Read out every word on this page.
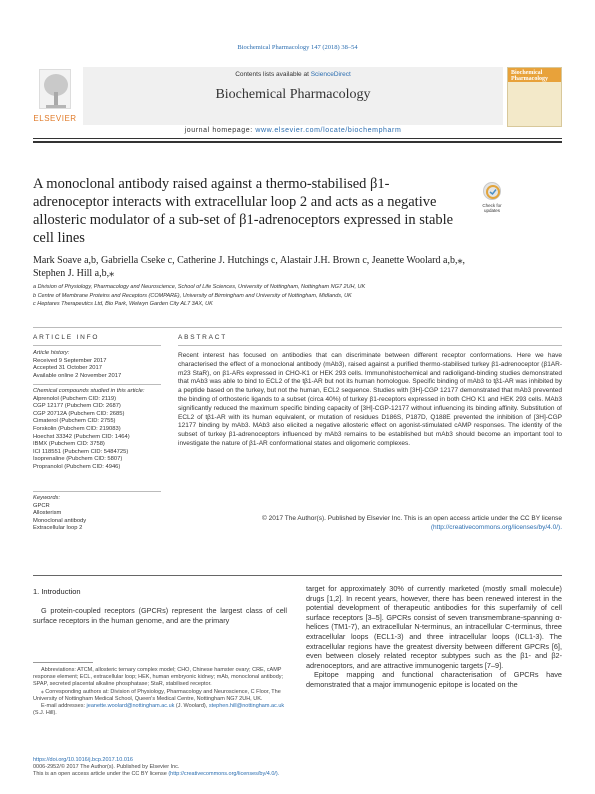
Biochemical Pharmacology 147 (2018) 38–54
ELSEVIER
Contents lists available at ScienceDirect
Biochemical Pharmacology
journal homepage: www.elsevier.com/locate/biochempharm
Biochemical Pharmacology
A monoclonal antibody raised against a thermo-stabilised β1-adrenoceptor interacts with extracellular loop 2 and acts as a negative allosteric modulator of a sub-set of β1-adrenoceptors expressed in stable cell lines
Check for updates
Mark Soave a,b, Gabriella Cseke c, Catherine J. Hutchings c, Alastair J.H. Brown c, Jeanette Woolard a,b,⁎,
Stephen J. Hill a,b,⁎
a Division of Physiology, Pharmacology and Neuroscience, School of Life Sciences, University of Nottingham, Nottingham NG7 2UH, UK
b Centre of Membrane Proteins and Receptors (COMPARE), University of Birmingham and University of Nottingham, Midlands, UK
c Heptares Therapeutics Ltd, Bio Park, Welwyn Garden City AL7 3AX, UK
ARTICLE INFO	ABSTRACT
Article history:
Received 9 September 2017
Accepted 31 October 2017
Available online 2 November 2017
Chemical compounds studied in this article:
Alprenolol (Pubchem CID: 2119)
CGP 12177 (Pubchem CID: 2687)
CGP 20712A (Pubchem CID: 2685)
Cimaterol (Pubchem CID: 2755)
Forskolin (Pubchem CID: 219083)
Hoechst 33342 (Pubchem CID: 1464)
IBMX (Pubchem CID: 3758)
ICI 118551 (Pubchem CID: 5484725)
Isoprenaline (Pubchem CID: 5807)
Propranolol (Pubchem CID: 4946)
Keywords:
GPCR
Allosterism
Monoclonal antibody
Extracellular loop 2
Recent interest has focused on antibodies that can discriminate between different receptor conformations. Here we have characterised the effect of a monoclonal antibody (mAb3), raised against a purified thermo-stabilised turkey β1-adrenoceptor (β1AR-m23 StaR), on β1-ARs expressed in CHO-K1 or HEK 293 cells. Immunohistochemical and radioligand-binding studies demonstrated that mAb3 was able to bind to ECL2 of the tβ1-AR but not its human homologue. Specific binding of mAb3 to tβ1-AR was inhibited by a peptide based on the turkey, but not the human, ECL2 sequence. Studies with [3H]-CGP 12177 demonstrated that mAb3 prevented the binding of orthosteric ligands to a subset (circa 40%) of turkey β1-receptors expressed in both CHO K1 and HEK 293 cells. MAb3 significantly reduced the maximum specific binding capacity of [3H]-CGP-12177 without influencing its binding affinity. Substitution of ECL2 of tβ1-AR with its human equivalent, or mutation of residues D186S, P187D, Q188E prevented the inhibition of [3H]-CGP 12177 binding by mAb3. MAb3 also elicited a negative allosteric effect on agonist-stimulated cAMP responses. The identity of the subset of turkey β1-adrenoceptors influenced by mAb3 remains to be established but mAb3 should become an important tool to investigate the nature of β1-AR conformational states and oligomeric complexes.
© 2017 The Author(s). Published by Elsevier Inc. This is an open access article under the CC BY license
(http://creativecommons.org/licenses/by/4.0/).
1. Introduction

G protein-coupled receptors (GPCRs) represent the largest class of cell surface receptors in the human genome, and are the primary

Abbreviations: ATCM, allosteric ternary complex model; CHO, Chinese hamster ovary; CRE, cAMP response element; ECL, extracellular loop; HEK, human embryonic kidney; mAb, monoclonal antibody; SPAP, secreted placental alkaline phosphatase; StaR, stabilised receptor.

⁎ Corresponding authors at: Division of Physiology, Pharmacology and Neuroscience, C Floor, The University of Nottingham Medical School, Queen's Medical Centre, Nottingham NG7 2UH, UK.

E-mail addresses: jeanette.woolard@nottingham.ac.uk (J. Woolard), stephen.hill@nottingham.ac.uk (S.J. Hill).

target for approximately 30% of currently marketed (mostly small molecule) drugs [1,2]. In recent years, however, there has been renewed interest in the potential development of therapeutic antibodies for this superfamily of cell surface receptors [3–5]. GPCRs consist of seven transmembrane-spanning α-helices (TM1-7), an extracellular N-terminus, an intracellular C-terminus, three extracellular loops (ECL1-3) and three intracellular loops (ICL1-3). The extracellular regions have the greatest diversity between different GPCRs [6], even between closely related receptor subtypes such as the β1- and β2-adrenoceptors, and are attractive immunogenic targets [7–9].

Epitope mapping and functional characterisation of GPCRs have demonstrated that a major immunogenic epitope is located on the

https://doi.org/10.1016/j.bcp.2017.10.016
0006-2952/© 2017 The Author(s). Published by Elsevier Inc.
This is an open access article under the CC BY license (http://creativecommons.org/licenses/by/4.0/).
